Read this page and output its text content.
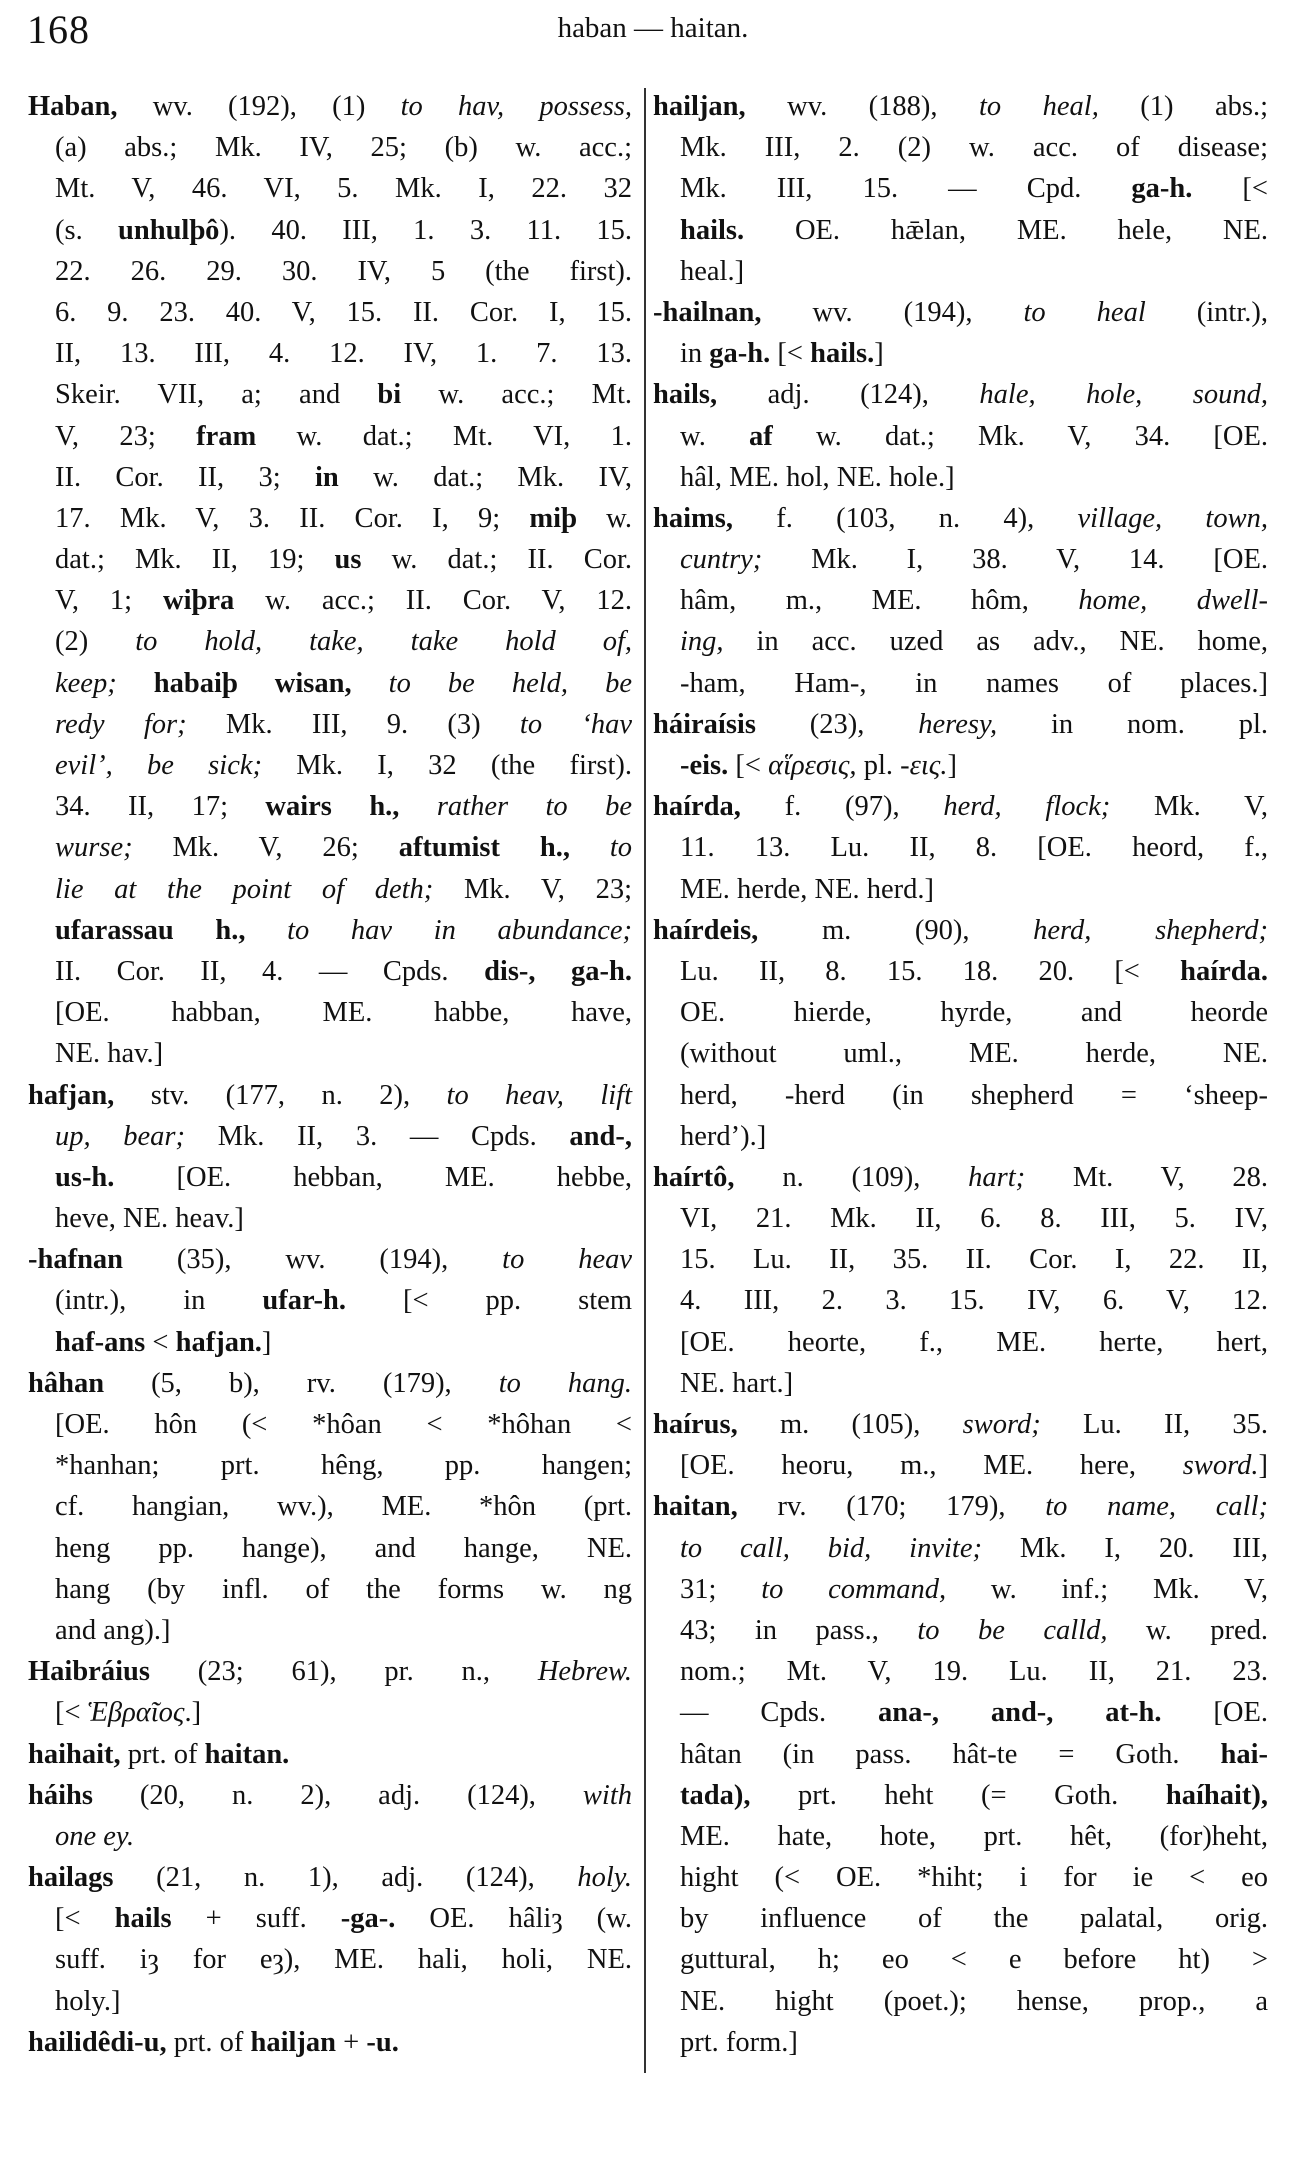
168	haban — haitan.
Haban, wv. (192), (1) to hav, possess,
(a) abs.; Mk. IV, 25; (b) w. acc.;
Mt. V, 46. VI, 5. Mk. I, 22. 32
(s. unhulþô). 40. III, 1. 3. 11. 15.
22. 26. 29. 30. IV, 5 (the first).
6. 9. 23. 40. V, 15. II. Cor. I, 15.
II, 13. III, 4. 12. IV, 1. 7. 13.
Skeir. VII, a; and bi w. acc.; Mt.
V, 23; fram w. dat.; Mt. VI, 1.
II. Cor. II, 3; in w. dat.; Mk. IV,
17. Mk. V, 3. II. Cor. I, 9; miþ w.
dat.; Mk. II, 19; us w. dat.; II. Cor.
V, 1; wiþra w. acc.; II. Cor. V, 12.
(2) to hold, take, take hold of,
keep; habaiþ wisan, to be held, be
redy for; Mk. III, 9. (3) to ‘hav
evil’, be sick; Mk. I, 32 (the first).
34. II, 17; wairs h., rather to be
wurse; Mk. V, 26; aftumist h., to
lie at the point of deth; Mk. V, 23;
ufarassau h., to hav in abundance;
II. Cor. II, 4. — Cpds. dis-, ga-h.
[OE. habban, ME. habbe, have,
NE. hav.]
hafjan, stv. (177, n. 2), to heav, lift
up, bear; Mk. II, 3. — Cpds. and-,
us-h. [OE. hebban, ME. hebbe,
heve, NE. heav.]
-hafnan (35), wv. (194), to heav
(intr.), in ufar-h. [< pp. stem
haf-ans < hafjan.]
hâhan (5, b), rv. (179), to hang.
[OE. hôn (< *hôan < *hôhan <
*hanhan; prt. hêng, pp. hangen;
cf. hangian, wv.), ME. *hôn (prt.
heng pp. hange), and hange, NE.
hang (by infl. of the forms w. ng
and ang).]
Haibráius (23; 61), pr. n., Hebrew.
[< Ἑβραῖος.]
haihait, prt. of haitan.
háihs (20, n. 2), adj. (124), with
one ey.
hailags (21, n. 1), adj. (124), holy.
[< hails + suff. -ga-. OE. hâliȝ (w.
suff. iȝ for eȝ), ME. hali, holi, NE.
holy.]
hailidêdi-u, prt. of hailjan + -u.
hailjan, wv. (188), to heal, (1) abs.;
Mk. III, 2. (2) w. acc. of disease;
Mk. III, 15. — Cpd. ga-h. [<
hails. OE. hǣlan, ME. hele, NE.
heal.]
-hailnan, wv. (194), to heal (intr.),
in ga-h. [< hails.]
hails, adj. (124), hale, hole, sound,
w. af w. dat.; Mk. V, 34. [OE.
hâl, ME. hol, NE. hole.]
haims, f. (103, n. 4), village, town,
cuntry; Mk. I, 38. V, 14. [OE.
hâm, m., ME. hôm, home, dwell-
ing, in acc. uzed as adv., NE. home,
-ham, Ham-, in names of places.]
háiraísis (23), heresy, in nom. pl.
-eis. [< αἵρεσις, pl. -εις.]
haírda, f. (97), herd, flock; Mk. V,
11. 13. Lu. II, 8. [OE. heord, f.,
ME. herde, NE. herd.]
haírdeis, m. (90), herd, shepherd;
Lu. II, 8. 15. 18. 20. [< haírda.
OE. hierde, hyrde, and heorde
(without uml., ME. herde, NE.
herd, -herd (in shepherd = ‘sheep-
herd’).]
haírtô, n. (109), hart; Mt. V, 28.
VI, 21. Mk. II, 6. 8. III, 5. IV,
15. Lu. II, 35. II. Cor. I, 22. II,
4. III, 2. 3. 15. IV, 6. V, 12.
[OE. heorte, f., ME. herte, hert,
NE. hart.]
haírus, m. (105), sword; Lu. II, 35.
[OE. heoru, m., ME. here, sword.]
haitan, rv. (170; 179), to name, call;
to call, bid, invite; Mk. I, 20. III,
31; to command, w. inf.; Mk. V,
43; in pass., to be calld, w. pred.
nom.; Mt. V, 19. Lu. II, 21. 23.
— Cpds. ana-, and-, at-h. [OE.
hâtan (in pass. hât-te = Goth. hai-
tada), prt. heht (= Goth. haíhait),
ME. hate, hote, prt. hêt, (for)heht,
hight (< OE. *hiht; i for ie < eo
by influence of the palatal, orig.
guttural, h; eo < e before ht) >
NE. hight (poet.); hense, prop., a
prt. form.]
